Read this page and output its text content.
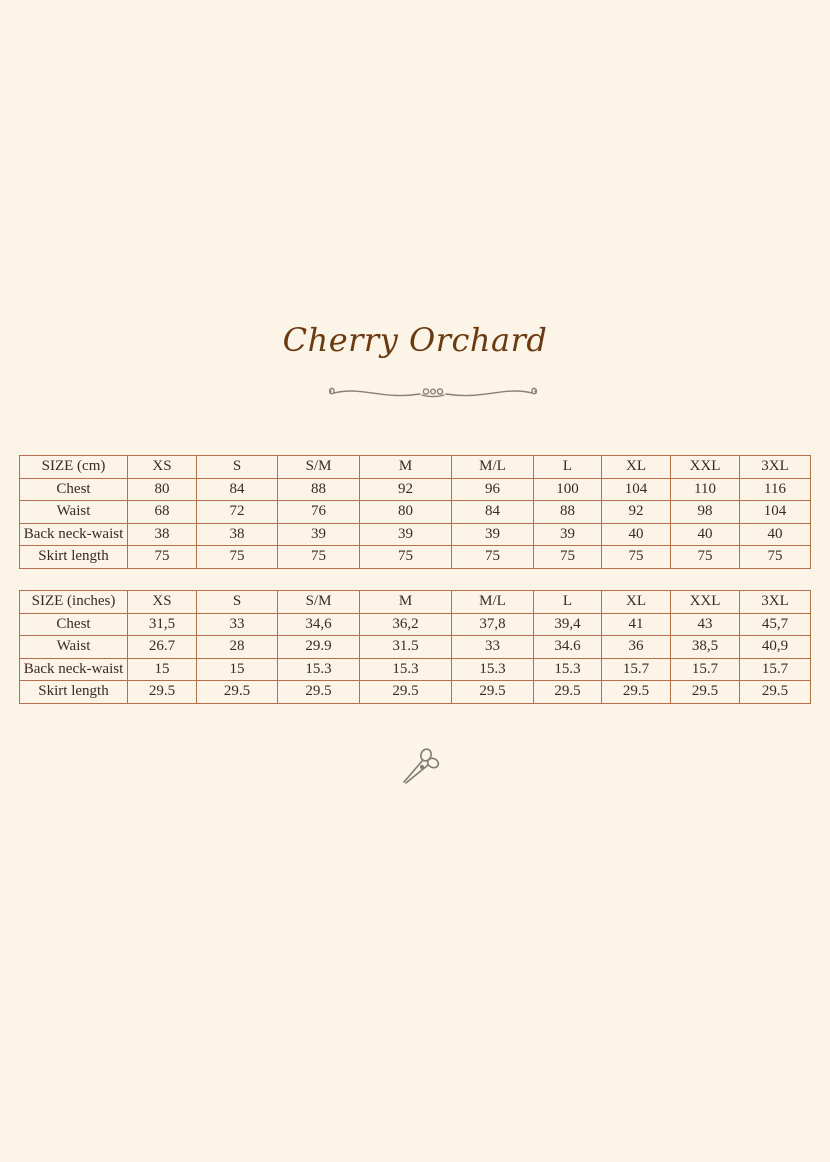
Cherry Orchard
SIZE (cm)	XS	S	S/M	M	M/L	L	XL	XXL	3XL
Chest	80	84	88	92	96	100	104	110	116
Waist	68	72	76	80	84	88	92	98	104
Back neck-waist	38	38	39	39	39	39	40	40	40
Skirt length	75	75	75	75	75	75	75	75	75
SIZE (inches)	XS	S	S/M	M	M/L	L	XL	XXL	3XL
Chest	31,5	33	34,6	36,2	37,8	39,4	41	43	45,7
Waist	26.7	28	29.9	31.5	33	34.6	36	38,5	40,9
Back neck-waist	15	15	15.3	15.3	15.3	15.3	15.7	15.7	15.7
Skirt length	29.5	29.5	29.5	29.5	29.5	29.5	29.5	29.5	29.5
